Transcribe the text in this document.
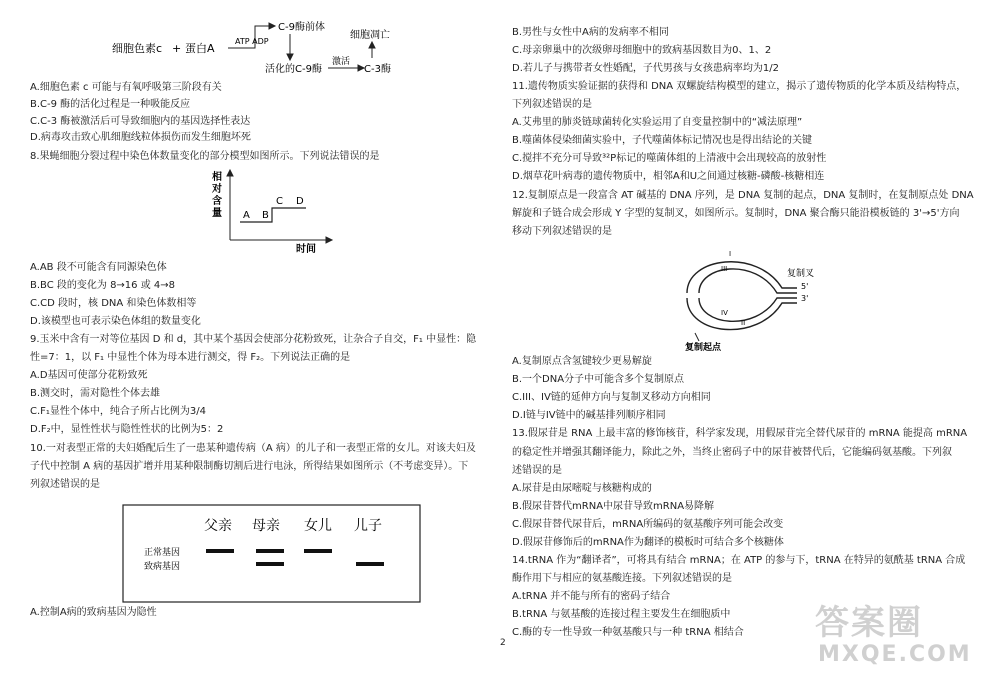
细胞色素c + 蛋白A
ATP ADP
C-9酶前体
细胞凋亡
活化的C-9酶
激活
C-3酶
A.细胞色素 c 可能与有氧呼吸第三阶段有关
B.C-9 酶的活化过程是一种吸能反应
C.C-3 酶被激活后可导致细胞内的基因选择性表达
D.病毒攻击致心肌细胞线粒体损伤而发生细胞坏死
8.果蝇细胞分裂过程中染色体数量变化的部分模型如图所示。下列说法错误的是
相
对
含
量 A B
C D
时间
A.AB 段不可能含有同源染色体
B.BC 段的变化为 8→16 或 4→8
C.CD 段时，核 DNA 和染色体数相等
D.该模型也可表示染色体组的数量变化
9.玉米中含有一对等位基因 D 和 d，其中某个基因会使部分花粉致死，让杂合子自交，F₁ 中显性：隐
性=7：1，以 F₁ 中显性个体为母本进行测交，得 F₂。下列说法正确的是
A.D基因可使部分花粉致死
B.测交时，需对隐性个体去雄
C.F₁显性个体中，纯合子所占比例为3/4
D.F₂中，显性性状与隐性性状的比例为5：2
10.一对表型正常的夫妇婚配后生了一患某种遗传病（A 病）的儿子和一表型正常的女儿。对该夫妇及
子代中控制 A 病的基因扩增并用某种限制酶切割后进行电泳，所得结果如图所示（不考虑变异）。下
列叙述错误的是
父亲 母亲 女儿 儿子
正常基因
致病基因
A.控制A病的致病基因为隐性
B.男性与女性中A病的发病率不相同
C.母亲卵巢中的次级卵母细胞中的致病基因数目为0、1、2
D.若儿子与携带者女性婚配，子代男孩与女孩患病率均为1/2
11.遗传物质实验证据的获得和 DNA 双螺旋结构模型的建立，揭示了遗传物质的化学本质及结构特点，
下列叙述错误的是
A.艾弗里的肺炎链球菌转化实验运用了自变量控制中的“减法原理”
B.噬菌体侵染细菌实验中，子代噬菌体标记情况也是得出结论的关键
C.搅拌不充分可导致³²P标记的噬菌体组的上清液中会出现较高的放射性
D.烟草花叶病毒的遗传物质中，相邻A和U之间通过核糖-磷酸-核糖相连
12.复制原点是一段富含 AT 碱基的 DNA 序列，是 DNA 复制的起点，DNA 复制时，在复制原点处 DNA
解旋和子链合成会形成 Y 字型的复制叉，如图所示。复制时，DNA 聚合酶只能沿模板链的 3'→5'方向
移动下列叙述错误的是
I
III
IV
II
复制叉
5'
3'
复制起点
A.复制原点含氢键较少更易解旋
B.一个DNA分子中可能含多个复制原点
C.III、IV链的延伸方向与复制叉移动方向相同
D.I链与IV链中的碱基排列顺序相同
13.假尿苷是 RNA 上最丰富的修饰核苷，科学家发现，用假尿苷完全替代尿苷的 mRNA 能提高 mRNA
的稳定性并增强其翻译能力，除此之外，当终止密码子中的尿苷被替代后，它能编码氨基酸。下列叙
述错误的是
A.尿苷是由尿嘧啶与核糖构成的
B.假尿苷替代mRNA中尿苷导致mRNA易降解
C.假尿苷替代尿苷后，mRNA所编码的氨基酸序列可能会改变
D.假尿苷修饰后的mRNA作为翻译的模板时可结合多个核糖体
14.tRNA 作为“翻译者”，可将具有结合 mRNA；在 ATP 的参与下，tRNA 在特异的氨酰基 tRNA 合成
酶作用下与相应的氨基酸连接。下列叙述错误的是
A.tRNA 并不能与所有的密码子结合
B.tRNA 与氨基酸的连接过程主要发生在细胞质中
C.酶的专一性导致一种氨基酸只与一种 tRNA 相结合
2	答案圈
MXQE.COM
